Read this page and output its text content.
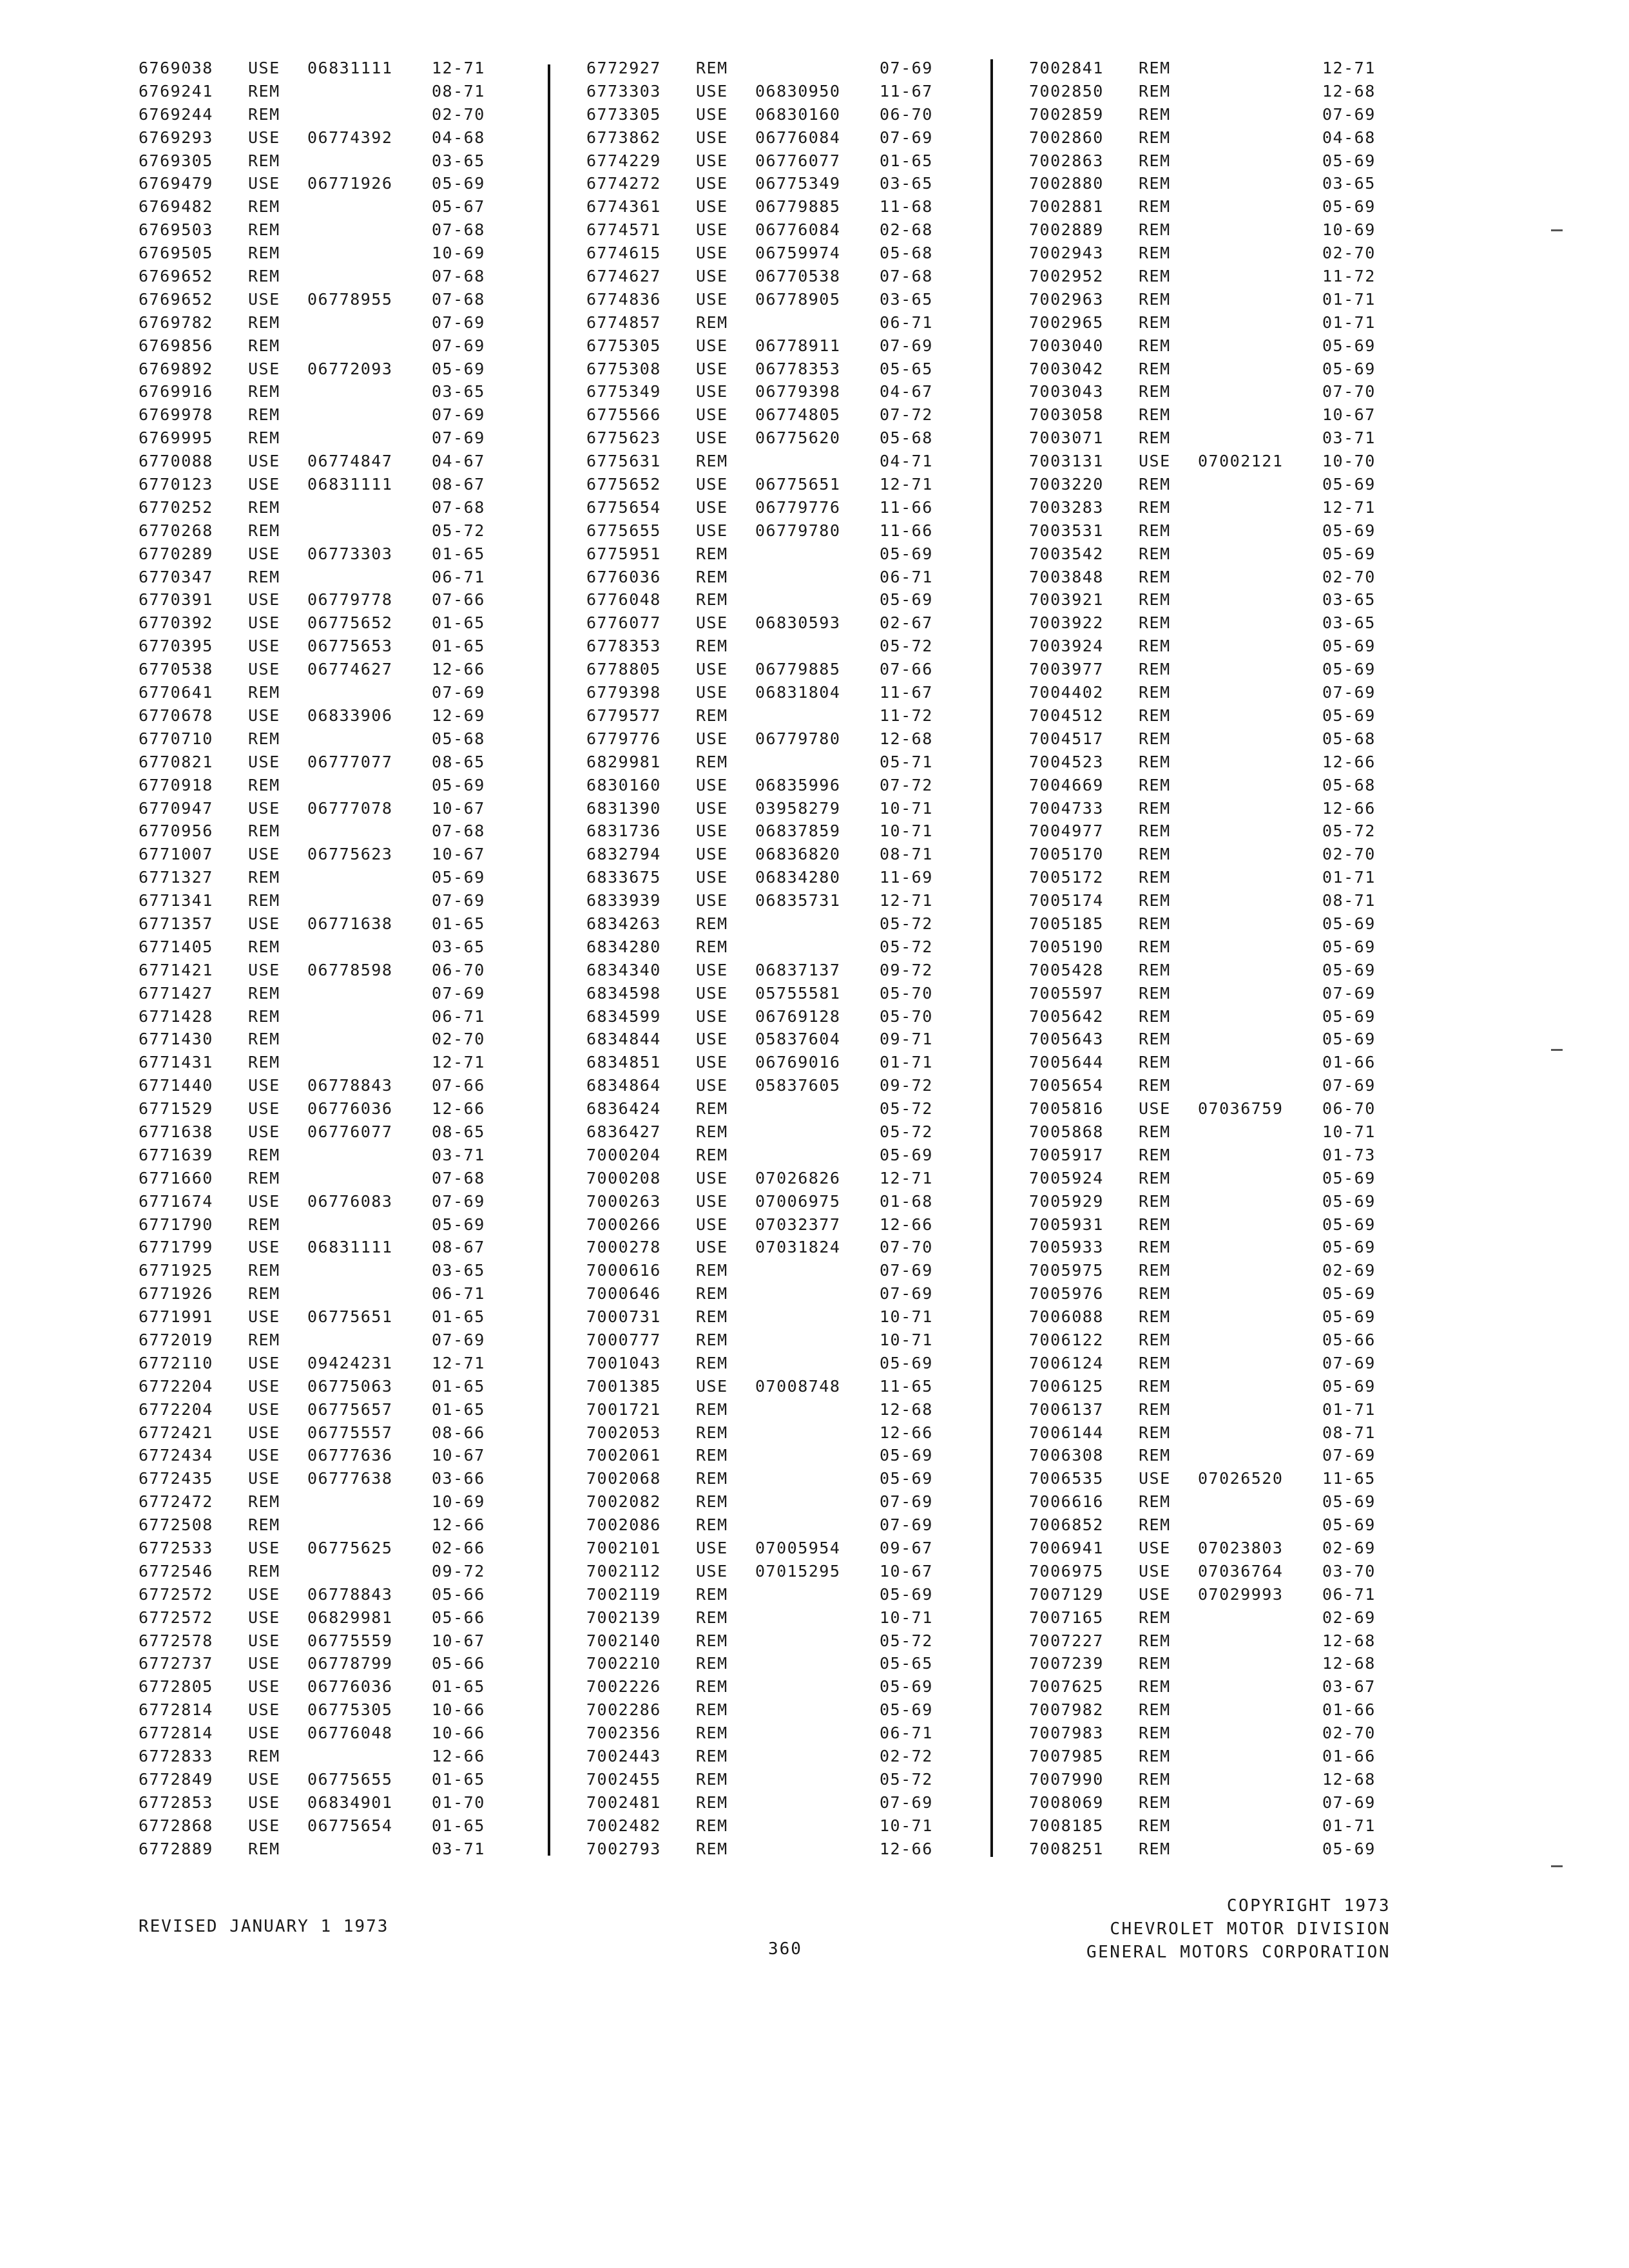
6769038 USE 06831111 12-71
6769241 REM	08-71
6769244 REM	02-70
6769293 USE 06774392 04-68
6769305 REM	03-65
6769479 USE 06771926 05-69
6769482 REM	05-67
6769503 REM	07-68
6769505 REM	10-69
6769652 REM	07-68
6769652 USE 06778955 07-68
6769782 REM	07-69
6769856 REM	07-69
6769892 USE 06772093 05-69
6769916 REM	03-65
6769978 REM	07-69
6769995 REM	07-69
6770088 USE 06774847 04-67
6770123 USE 06831111 08-67
6770252 REM	07-68
6770268 REM	05-72
6770289 USE 06773303 01-65
6770347 REM	06-71
6770391 USE 06779778 07-66
6770392 USE 06775652 01-65
6770395 USE 06775653 01-65
6770538 USE 06774627 12-66
6770641 REM	07-69
6770678 USE 06833906 12-69
6770710 REM	05-68
6770821 USE 06777077 08-65
6770918 REM	05-69
6770947 USE 06777078 10-67
6770956 REM	07-68
6771007 USE 06775623 10-67
6771327 REM	05-69
6771341 REM	07-69
6771357 USE 06771638 01-65
6771405 REM	03-65
6771421 USE 06778598 06-70
6771427 REM	07-69
6771428 REM	06-71
6771430 REM	02-70
6771431 REM	12-71
6771440 USE 06778843 07-66
6771529 USE 06776036 12-66
6771638 USE 06776077 08-65
6771639 REM	03-71
6771660 REM	07-68
6771674 USE 06776083 07-69
6771790 REM	05-69
6771799 USE 06831111 08-67
6771925 REM	03-65
6771926 REM	06-71
6771991 USE 06775651 01-65
6772019 REM	07-69
6772110 USE 09424231 12-71
6772204 USE 06775063 01-65
6772204 USE 06775657 01-65
6772421 USE 06775557 08-66
6772434 USE 06777636 10-67
6772435 USE 06777638 03-66
6772472 REM	10-69
6772508 REM	12-66
6772533 USE 06775625 02-66
6772546 REM	09-72
6772572 USE 06778843 05-66
6772572 USE 06829981 05-66
6772578 USE 06775559 10-67
6772737 USE 06778799 05-66
6772805 USE 06776036 01-65
6772814 USE 06775305 10-66
6772814 USE 06776048 10-66
6772833 REM	12-66
6772849 USE 06775655 01-65
6772853 USE 06834901 01-70
6772868 USE 06775654 01-65
6772889 REM	03-71
6772927 REM	07-69
6773303 USE 06830950 11-67
6773305 USE 06830160 06-70
6773862 USE 06776084 07-69
6774229 USE 06776077 01-65
6774272 USE 06775349 03-65
6774361 USE 06779885 11-68
6774571 USE 06776084 02-68
6774615 USE 06759974 05-68
6774627 USE 06770538 07-68
6774836 USE 06778905 03-65
6774857 REM	06-71
6775305 USE 06778911 07-69
6775308 USE 06778353 05-65
6775349 USE 06779398 04-67
6775566 USE 06774805 07-72
6775623 USE 06775620 05-68
6775631 REM	04-71
6775652 USE 06775651 12-71
6775654 USE 06779776 11-66
6775655 USE 06779780 11-66
6775951 REM	05-69
6776036 REM	06-71
6776048 REM	05-69
6776077 USE 06830593 02-67
6778353 REM	05-72
6778805 USE 06779885 07-66
6779398 USE 06831804 11-67
6779577 REM	11-72
6779776 USE 06779780 12-68
6829981 REM	05-71
6830160 USE 06835996 07-72
6831390 USE 03958279 10-71
6831736 USE 06837859 10-71
6832794 USE 06836820 08-71
6833675 USE 06834280 11-69
6833939 USE 06835731 12-71
6834263 REM	05-72
6834280 REM	05-72
6834340 USE 06837137 09-72
6834598 USE 05755581 05-70
6834599 USE 06769128 05-70
6834844 USE 05837604 09-71
6834851 USE 06769016 01-71
6834864 USE 05837605 09-72
6836424 REM	05-72
6836427 REM	05-72
7000204 REM	05-69
7000208 USE 07026826 12-71
7000263 USE 07006975 01-68
7000266 USE 07032377 12-66
7000278 USE 07031824 07-70
7000616 REM	07-69
7000646 REM	07-69
7000731 REM	10-71
7000777 REM	10-71
7001043 REM	05-69
7001385 USE 07008748 11-65
7001721 REM	12-68
7002053 REM	12-66
7002061 REM	05-69
7002068 REM	05-69
7002082 REM	07-69
7002086 REM	07-69
7002101 USE 07005954 09-67
7002112 USE 07015295 10-67
7002119 REM	05-69
7002139 REM	10-71
7002140 REM	05-72
7002210 REM	05-65
7002226 REM	05-69
7002286 REM	05-69
7002356 REM	06-71
7002443 REM	02-72
7002455 REM	05-72
7002481 REM	07-69
7002482 REM	10-71
7002793 REM	12-66
7002841 REM	12-71
7002850 REM	12-68
7002859 REM	07-69
7002860 REM	04-68
7002863 REM	05-69
7002880 REM	03-65
7002881 REM	05-69
7002889 REM	10-69
7002943 REM	02-70
7002952 REM	11-72
7002963 REM	01-71
7002965 REM	01-71
7003040 REM	05-69
7003042 REM	05-69
7003043 REM	07-70
7003058 REM	10-67
7003071 REM	03-71
7003131 USE 07002121 10-70
7003220 REM	05-69
7003283 REM	12-71
7003531 REM	05-69
7003542 REM	05-69
7003848 REM	02-70
7003921 REM	03-65
7003922 REM	03-65
7003924 REM	05-69
7003977 REM	05-69
7004402 REM	07-69
7004512 REM	05-69
7004517 REM	05-68
7004523 REM	12-66
7004669 REM	05-68
7004733 REM	12-66
7004977 REM	05-72
7005170 REM	02-70
7005172 REM	01-71
7005174 REM	08-71
7005185 REM	05-69
7005190 REM	05-69
7005428 REM	05-69
7005597 REM	07-69
7005642 REM	05-69
7005643 REM	05-69
7005644 REM	01-66
7005654 REM	07-69
7005816 USE 07036759 06-70
7005868 REM	10-71
7005917 REM	01-73
7005924 REM	05-69
7005929 REM	05-69
7005931 REM	05-69
7005933 REM	05-69
7005975 REM	02-69
7005976 REM	05-69
7006088 REM	05-69
7006122 REM	05-66
7006124 REM	07-69
7006125 REM	05-69
7006137 REM	01-71
7006144 REM	08-71
7006308 REM	07-69
7006535 USE 07026520 11-65
7006616 REM	05-69
7006852 REM	05-69
7006941 USE 07023803 02-69
7006975 USE 07036764 03-70
7007129 USE 07029993 06-71
7007165 REM	02-69
7007227 REM	12-68
7007239 REM	12-68
7007625 REM	03-67
7007982 REM	01-66
7007983 REM	02-70
7007985 REM	01-66
7007990 REM	12-68
7008069 REM	07-69
7008185 REM	01-71
7008251 REM	05-69
REVISED JANUARY 1 1973
360
COPYRIGHT 1973
CHEVROLET MOTOR DIVISION
GENERAL MOTORS CORPORATION
